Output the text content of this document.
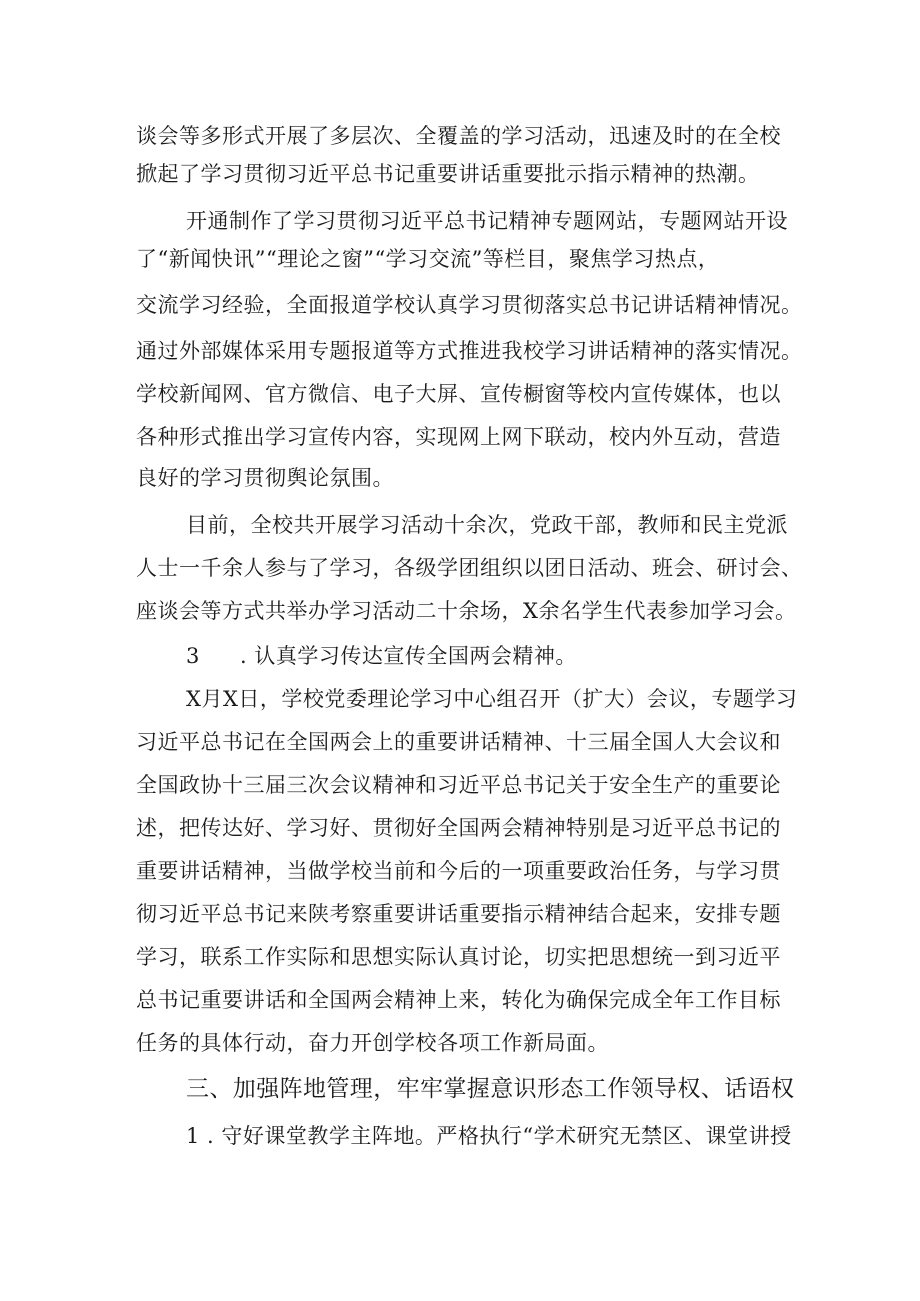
谈会等多形式开展了多层次、全覆盖的学习活动，迅速及时的在全校
掀起了学习贯彻习近平总书记重要讲话重要批示指示精神的热潮。
开通制作了学习贯彻习近平总书记精神专题网站，专题网站开设
了“新闻快讯”“理论之窗”“学习交流”等栏目，聚焦学习热点，
交流学习经验，全面报道学校认真学习贯彻落实总书记讲话精神情况。
通过外部媒体采用专题报道等方式推进我校学习讲话精神的落实情况。
学校新闻网、官方微信、电子大屏、宣传橱窗等校内宣传媒体，也以
各种形式推出学习宣传内容，实现网上网下联动，校内外互动，营造
良好的学习贯彻舆论氛围。
目前，全校共开展学习活动十余次，党政干部，教师和民主党派
人士一千余人参与了学习，各级学团组织以团日活动、班会、研讨会、
座谈会等方式共举办学习活动二十余场，X余名学生代表参加学习会。
3 . 认真学习传达宣传全国两会精神。
X月X日，学校党委理论学习中心组召开（扩大）会议，专题学习
习近平总书记在全国两会上的重要讲话精神、十三届全国人大会议和
全国政协十三届三次会议精神和习近平总书记关于安全生产的重要论
述，把传达好、学习好、贯彻好全国两会精神特别是习近平总书记的
重要讲话精神，当做学校当前和今后的一项重要政治任务，与学习贯
彻习近平总书记来陕考察重要讲话重要指示精神结合起来，安排专题
学习，联系工作实际和思想实际认真讨论，切实把思想统一到习近平
总书记重要讲话和全国两会精神上来，转化为确保完成全年工作目标
任务的具体行动，奋力开创学校各项工作新局面。
三、加强阵地管理，牢牢掌握意识形态工作领导权、话语权
1 . 守好课堂教学主阵地。严格执行“学术研究无禁区、课堂讲授
